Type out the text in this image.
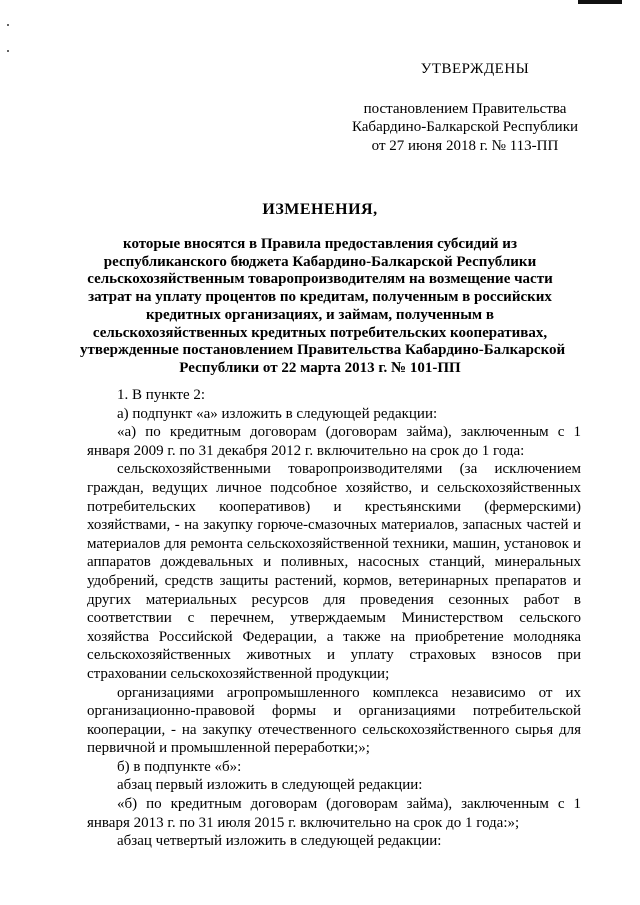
УТВЕРЖДЕНЫ
постановлением Правительства
Кабардино-Балкарской Республики
от 27 июня 2018 г. № 113-ПП
ИЗМЕНЕНИЯ,
которые вносятся в Правила предоставления субсидий из
республиканского бюджета Кабардино-Балкарской Республики
сельскохозяйственным товаропроизводителям на возмещение части
затрат на уплату процентов по кредитам, полученным в российских
кредитных организациях, и займам, полученным в
сельскохозяйственных кредитных потребительских кооперативах,
утвержденные постановлением Правительства Кабардино-Балкарской
Республики от 22 марта 2013 г. № 101-ПП

1. В пункте 2:

а) подпункт «а» изложить в следующей редакции:

«а) по кредитным договорам (договорам займа), заключенным с 1 января 2009 г. по 31 декабря 2012 г. включительно на срок до 1 года:

сельскохозяйственными товаропроизводителями (за исключением граждан, ведущих личное подсобное хозяйство, и сельскохозяйственных потребительских кооперативов) и крестьянскими (фермерскими) хозяйствами, - на закупку горюче-смазочных материалов, запасных частей и материалов для ремонта сельскохозяйственной техники, машин, установок и аппаратов дождевальных и поливных, насосных станций, минеральных удобрений, средств защиты растений, кормов, ветеринарных препаратов и других материальных ресурсов для проведения сезонных работ в соответствии с перечнем, утверждаемым Министерством сельского хозяйства Российской Федерации, а также на приобретение молодняка сельскохозяйственных животных и уплату страховых взносов при страховании сельскохозяйственной продукции;

организациями агропромышленного комплекса независимо от их организационно-правовой формы и организациями потребительской кооперации, - на закупку отечественного сельскохозяйственного сырья для первичной и промышленной переработки;»;

б) в подпункте «б»:

абзац первый изложить в следующей редакции:

«б) по кредитным договорам (договорам займа), заключенным с 1 января 2013 г. по 31 июля 2015 г. включительно на срок до 1 года:»;

абзац четвертый изложить в следующей редакции:
